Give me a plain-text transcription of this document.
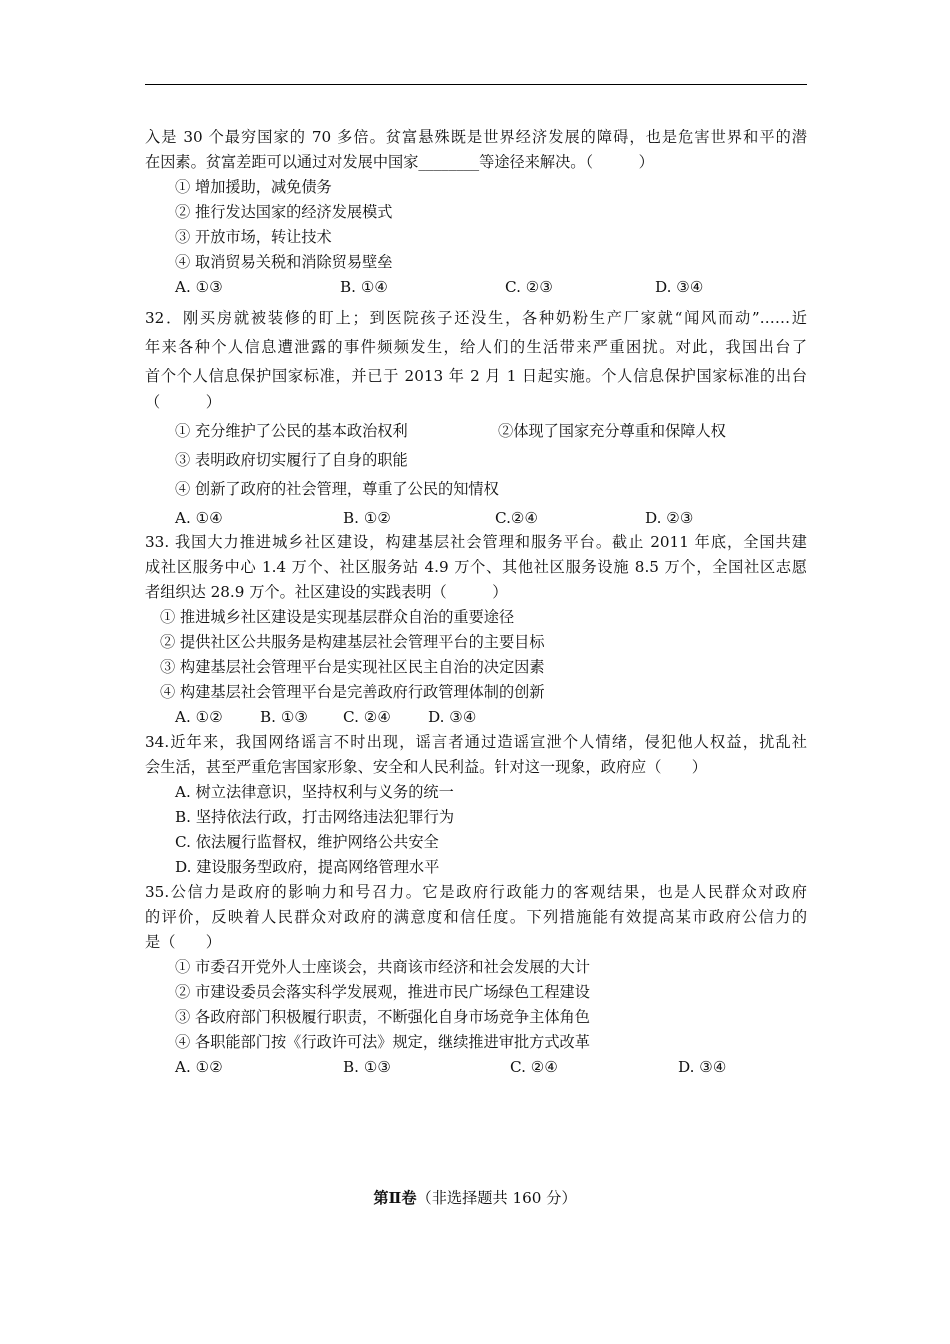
入是 30 个最穷国家的 70 多倍。贫富悬殊既是世界经济发展的障碍，也是危害世界和平的潜
在因素。贫富差距可以通过对发展中国家________等途径来解决。（　　　）
① 增加援助，减免债务
② 推行发达国家的经济发展模式
③ 开放市场，转让技术
④ 取消贸易关税和消除贸易壁垒
A. ①③	B. ①④	C. ②③	D. ③④
32．刚买房就被装修的盯上；到医院孩子还没生，各种奶粉生产厂家就“闻风而动”……近
年来各种个人信息遭泄露的事件频频发生，给人们的生活带来严重困扰。对此，我国出台了
首个个人信息保护国家标准，并已于 2013 年 2 月 1 日起实施。个人信息保护国家标准的出台
（　　　）
① 充分维护了公民的基本政治权利	②体现了国家充分尊重和保障人权
③ 表明政府切实履行了自身的职能
④ 创新了政府的社会管理，尊重了公民的知情权
A. ①④	B. ①②	C.②④	D. ②③
33. 我国大力推进城乡社区建设，构建基层社会管理和服务平台。截止 2011 年底，全国共建
成社区服务中心 1.4 万个、社区服务站 4.9 万个、其他社区服务设施 8.5 万个，全国社区志愿
者组织达 28.9 万个。社区建设的实践表明（　　　）
① 推进城乡社区建设是实现基层群众自治的重要途径
② 提供社区公共服务是构建基层社会管理平台的主要目标
③ 构建基层社会管理平台是实现社区民主自治的决定因素
④ 构建基层社会管理平台是完善政府行政管理体制的创新
A. ①② B. ①③ C. ②④ D. ③④
34.近年来，我国网络谣言不时出现，谣言者通过造谣宣泄个人情绪，侵犯他人权益，扰乱社
会生活，甚至严重危害国家形象、安全和人民利益。针对这一现象，政府应（　　）
A. 树立法律意识，坚持权利与义务的统一
B. 坚持依法行政，打击网络违法犯罪行为
C. 依法履行监督权，维护网络公共安全
D. 建设服务型政府，提高网络管理水平
35.公信力是政府的影响力和号召力。它是政府行政能力的客观结果，也是人民群众对政府
的评价，反映着人民群众对政府的满意度和信任度。下列措施能有效提高某市政府公信力的
是（　　）
① 市委召开党外人士座谈会，共商该市经济和社会发展的大计
② 市建设委员会落实科学发展观，推进市民广场绿色工程建设
③ 各政府部门积极履行职责，不断强化自身市场竞争主体角色
④ 各职能部门按《行政许可法》规定，继续推进审批方式改革
A. ①②	B. ①③	C. ②④	D. ③④
第Ⅱ卷（非选择题共 160 分）
